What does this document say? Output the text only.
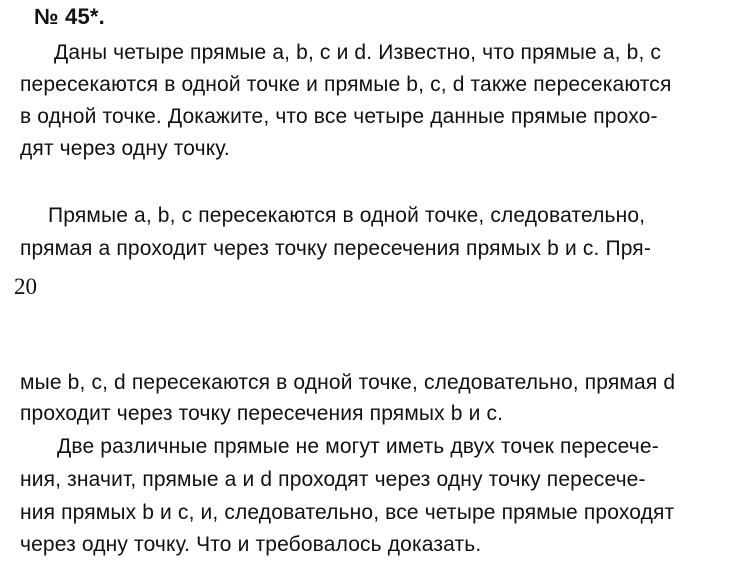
№ 45*.
Даны четыре прямые a, b, c и d. Известно, что прямые a, b, c
пересекаются в одной точке и прямые b, c, d также пересекаются
в одной точке. Докажите, что все четыре данные прямые прохо-
дят через одну точку.
Прямые a, b, c пересекаются в одной точке, следовательно,
прямая a проходит через точку пересечения прямых b и c. Пря-
20
мые b, c, d пересекаются в одной точке, следовательно, прямая d
проходит через точку пересечения прямых b и c.
Две различные прямые не могут иметь двух точек пересече-
ния, значит, прямые a и d проходят через одну точку пересече-
ния прямых b и c, и, следовательно, все четыре прямые проходят
через одну точку. Что и требовалось доказать.
